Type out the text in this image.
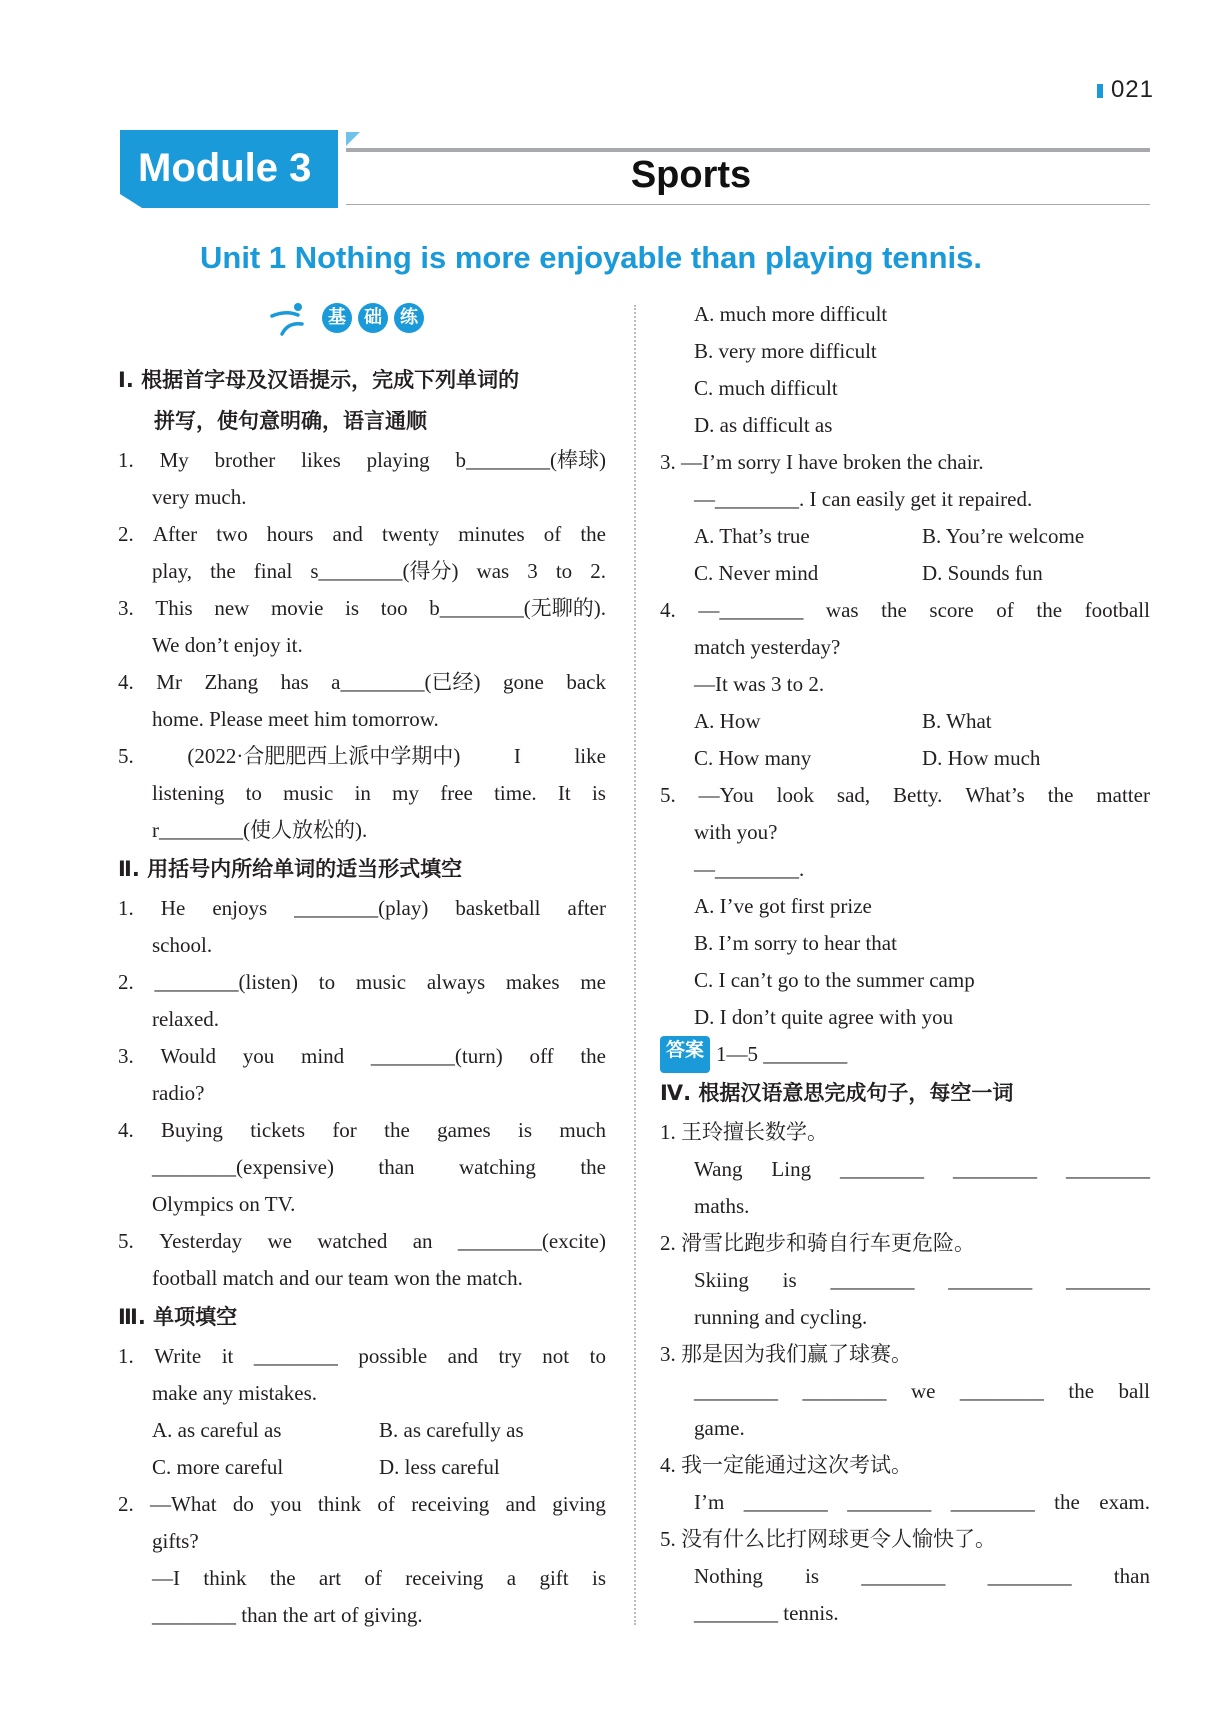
021
Module 3	Sports
Unit 1 Nothing is more enjoyable than playing tennis.
基	础	练
Ⅰ. 根据首字母及汉语提示，完成下列单词的
拼写，使句意明确，语言通顺
1. My brother likes playing b________(棒球)
very much.
2. After two hours and twenty minutes of the
play, the final s________(得分) was 3 to 2.
3. This new movie is too b________(无聊的).
We don’t enjoy it.
4. Mr Zhang has a________(已经) gone back
home. Please meet him tomorrow.
5.	(2022·合肥肥西上派中学期中)	I	like
listening to music in my free time. It is
r________(使人放松的).
Ⅱ. 用括号内所给单词的适当形式填空
1. He enjoys ________(play) basketball after
school.
2. ________(listen) to music always makes me
relaxed.
3. Would you mind ________(turn) off the
radio?
4. Buying tickets for the games is much
________(expensive) than watching the
Olympics on TV.
5. Yesterday we watched an ________(excite)
football match and our team won the match.
Ⅲ. 单项填空
1. Write it ________ possible and try not to
make any mistakes.
A. as careful as	B. as carefully as
C. more careful	D. less careful
2. —What do you think of receiving and giving
gifts?
—I think the art of receiving a gift is
________ than the art of giving.
A. much more difficult
B. very more difficult
C. much difficult
D. as difficult as
3. —I’m sorry I have broken the chair.
—________. I can easily get it repaired.
A. That’s true	B. You’re welcome
C. Never mind	D. Sounds fun
4. —________ was the score of the football
match yesterday?
—It was 3 to 2.
A. How	B. What
C. How many	D. How much
5. —You look sad, Betty. What’s the matter
with you?
—________.
A. I’ve got first prize
B. I’m sorry to hear that
C. I can’t go to the summer camp
D. I don’t quite agree with you
答案 1—5 ________
Ⅳ. 根据汉语意思完成句子，每空一词
1. 王玲擅长数学。
Wang Ling ________ ________ ________
maths.
2. 滑雪比跑步和骑自行车更危险。
Skiing is ________ ________ ________
running and cycling.
3. 那是因为我们赢了球赛。
________ ________ we ________ the ball
game.
4. 我一定能通过这次考试。
I’m ________ ________ ________ the exam.
5. 没有什么比打网球更令人愉快了。
Nothing is ________ ________ than
________ tennis.
